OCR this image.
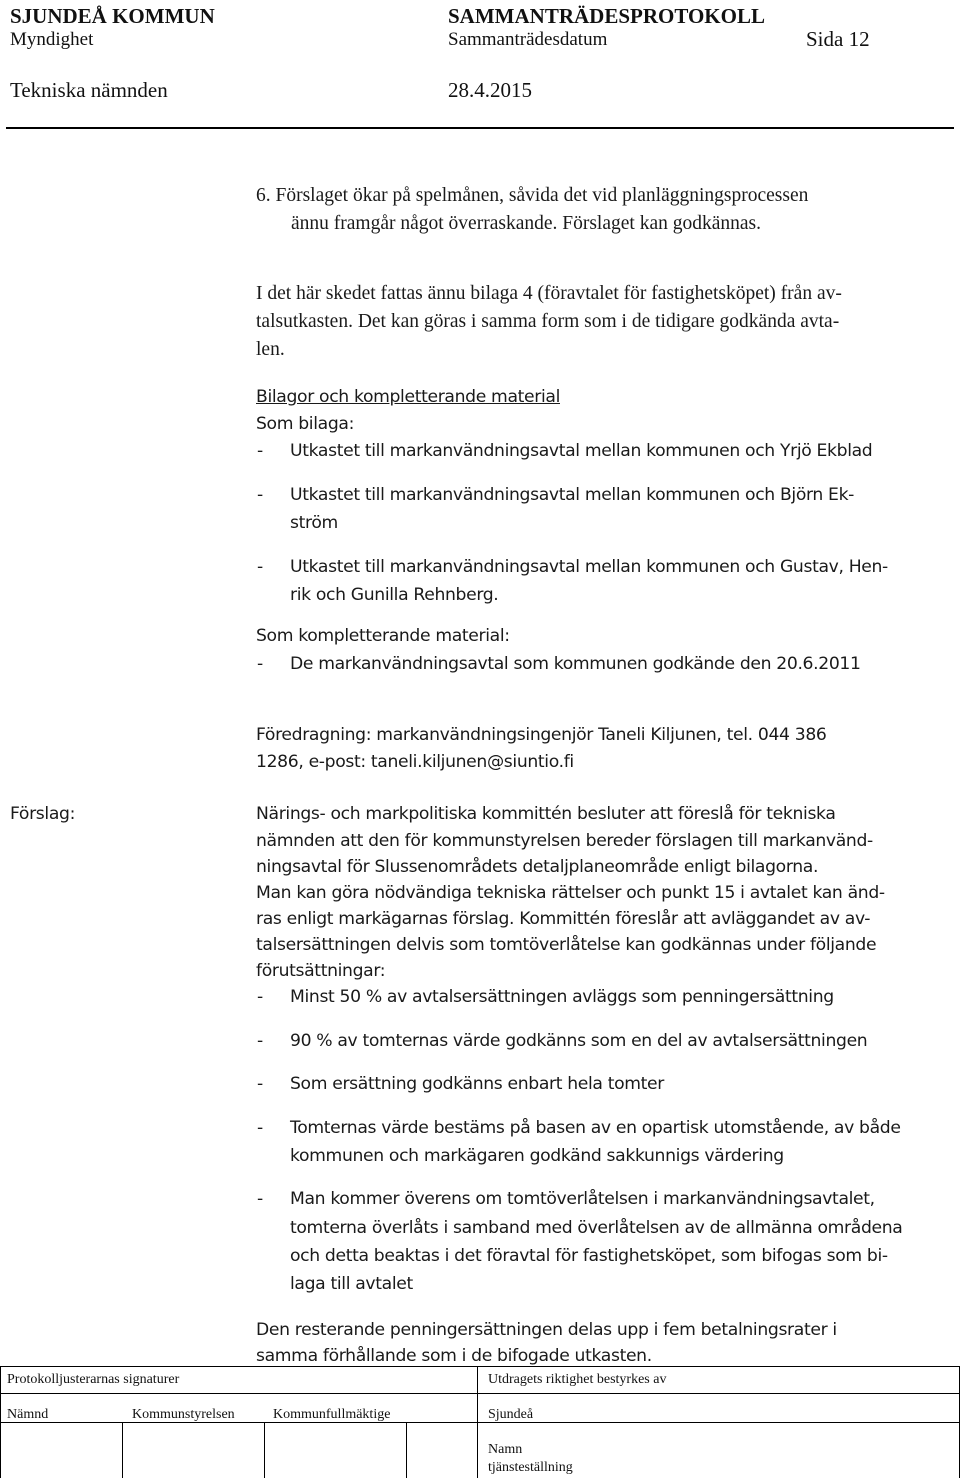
SJUNDEÅ KOMMUN	SAMMANTRÄDESPROTOKOLL
Myndighet	Sammanträdesdatum	Sida 12
Tekniska nämnden	28.4.2015
6. Förslaget ökar på spelmånen, såvida det vid planläggningsprocessen
ännu framgår något överraskande. Förslaget kan godkännas.
I det här skedet fattas ännu bilaga 4 (föravtalet för fastighetsköpet) från av-
talsutkasten. Det kan göras i samma form som i de tidigare godkända avta-
len.
Bilagor och kompletterande material
Som bilaga:
- Utkastet till markanvändningsavtal mellan kommunen och Yrjö Ekblad
- Utkastet till markanvändningsavtal mellan kommunen och Björn Ek-
ström
- Utkastet till markanvändningsavtal mellan kommunen och Gustav, Hen-
rik och Gunilla Rehnberg.
Som kompletterande material:
- De markanvändningsavtal som kommunen godkände den 20.6.2011
Föredragning: markanvändningsingenjör Taneli Kiljunen, tel. 044 386
1286, e-post: taneli.kiljunen@siuntio.fi
Förslag:	Närings- och markpolitiska kommittén besluter att föreslå för tekniska
nämnden att den för kommunstyrelsen bereder förslagen till markanvänd-
ningsavtal för Slussenområdets detaljplaneområde enligt bilagorna.
Man kan göra nödvändiga tekniska rättelser och punkt 15 i avtalet kan änd-
ras enligt markägarnas förslag. Kommittén föreslår att avläggandet av av-
talsersättningen delvis som tomtöverlåtelse kan godkännas under följande
förutsättningar:
- Minst 50 % av avtalsersättningen avläggs som penningersättning
- 90 % av tomternas värde godkänns som en del av avtalsersättningen
- Som ersättning godkänns enbart hela tomter
- Tomternas värde bestäms på basen av en opartisk utomstående, av både
kommunen och markägaren godkänd sakkunnigs värdering
- Man kommer överens om tomtöverlåtelsen i markanvändningsavtalet,
tomterna överlåts i samband med överlåtelsen av de allmänna områdena
och detta beaktas i det föravtal för fastighetsköpet, som bifogas som bi-
laga till avtalet
Den resterande penningersättningen delas upp i fem betalningsrater i
samma förhållande som i de bifogade utkasten.
Protokolljusterarnas signaturer	Utdragets riktighet bestyrkes av
Nämnd	Kommunstyrelsen	Kommunfullmäktige	Sjundeå
Namn
tjänsteställning
